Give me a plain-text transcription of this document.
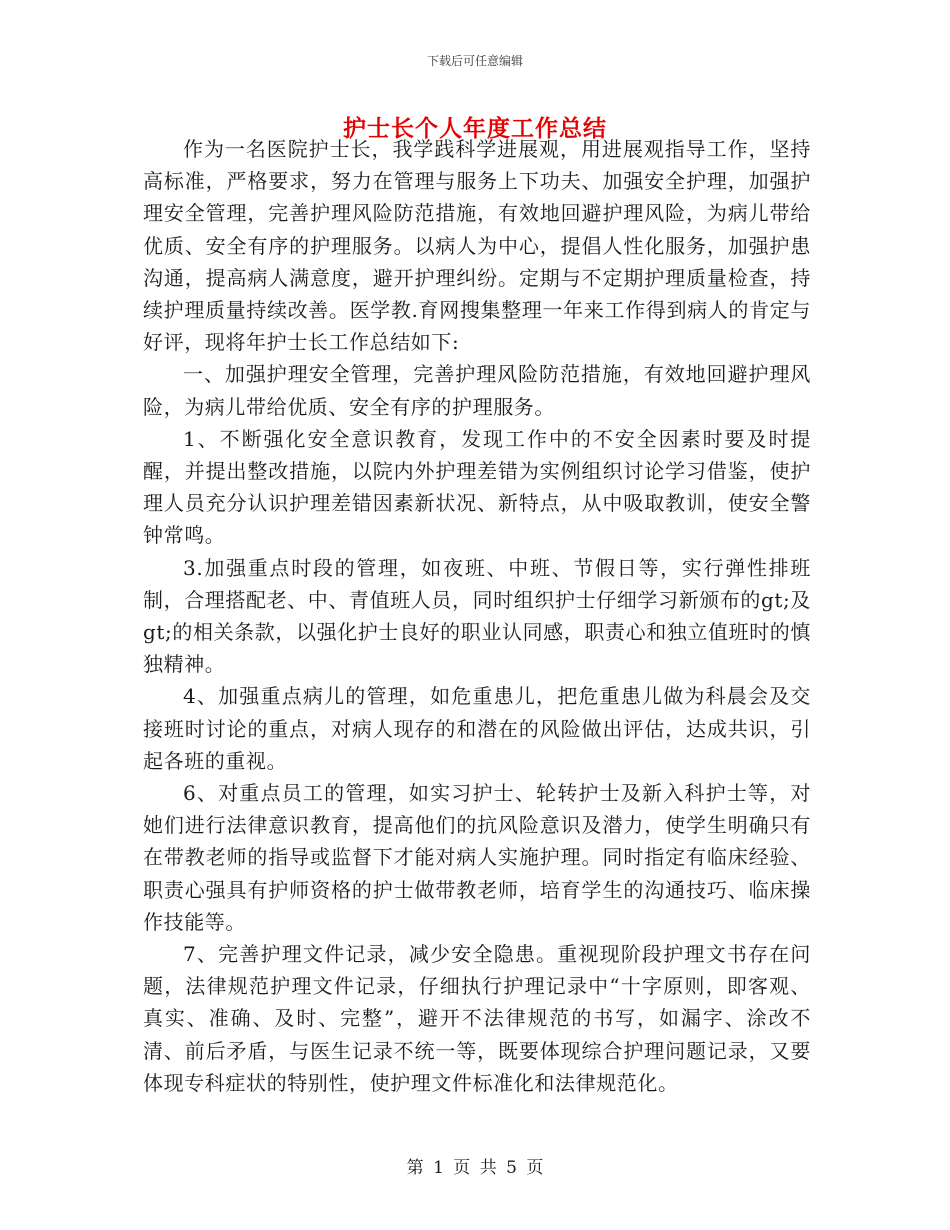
下载后可任意编辑
护士长个人年度工作总结

作为一名医院护士长，我学践科学进展观，用进展观指导工作，坚持高标准，严格要求，努力在管理与服务上下功夫、加强安全护理，加强护理安全管理，完善护理风险防范措施，有效地回避护理风险，为病儿带给优质、安全有序的护理服务。以病人为中心，提倡人性化服务，加强护患沟通，提高病人满意度，避开护理纠纷。定期与不定期护理质量检查，持续护理质量持续改善。医学教.育网搜集整理一年来工作得到病人的肯定与好评，现将年护士长工作总结如下:

一、加强护理安全管理，完善护理风险防范措施，有效地回避护理风险，为病儿带给优质、安全有序的护理服务。

1、不断强化安全意识教育，发现工作中的不安全因素时要及时提醒，并提出整改措施，以院内外护理差错为实例组织讨论学习借鉴，使护理人员充分认识护理差错因素新状况、新特点，从中吸取教训，使安全警钟常鸣。

3.加强重点时段的管理，如夜班、中班、节假日等，实行弹性排班制，合理搭配老、中、青值班人员，同时组织护士仔细学习新颁布的gt;及gt;的相关条款，以强化护士良好的职业认同感，职责心和独立值班时的慎独精神。

4、加强重点病儿的管理，如危重患儿，把危重患儿做为科晨会及交接班时讨论的重点，对病人现存的和潜在的风险做出评估，达成共识，引起各班的重视。

6、对重点员工的管理，如实习护士、轮转护士及新入科护士等，对她们进行法律意识教育，提高他们的抗风险意识及潜力，使学生明确只有在带教老师的指导或监督下才能对病人实施护理。同时指定有临床经验、职责心强具有护师资格的护士做带教老师，培育学生的沟通技巧、临床操作技能等。

7、完善护理文件记录，减少安全隐患。重视现阶段护理文书存在问题，法律规范护理文件记录，仔细执行护理记录中“十字原则，即客观、真实、准确、及时、完整”，避开不法律规范的书写，如漏字、涂改不清、前后矛盾，与医生记录不统一等，既要体现综合护理问题记录，又要体现专科症状的特别性，使护理文件标准化和法律规范化。

第 1 页 共 5 页
